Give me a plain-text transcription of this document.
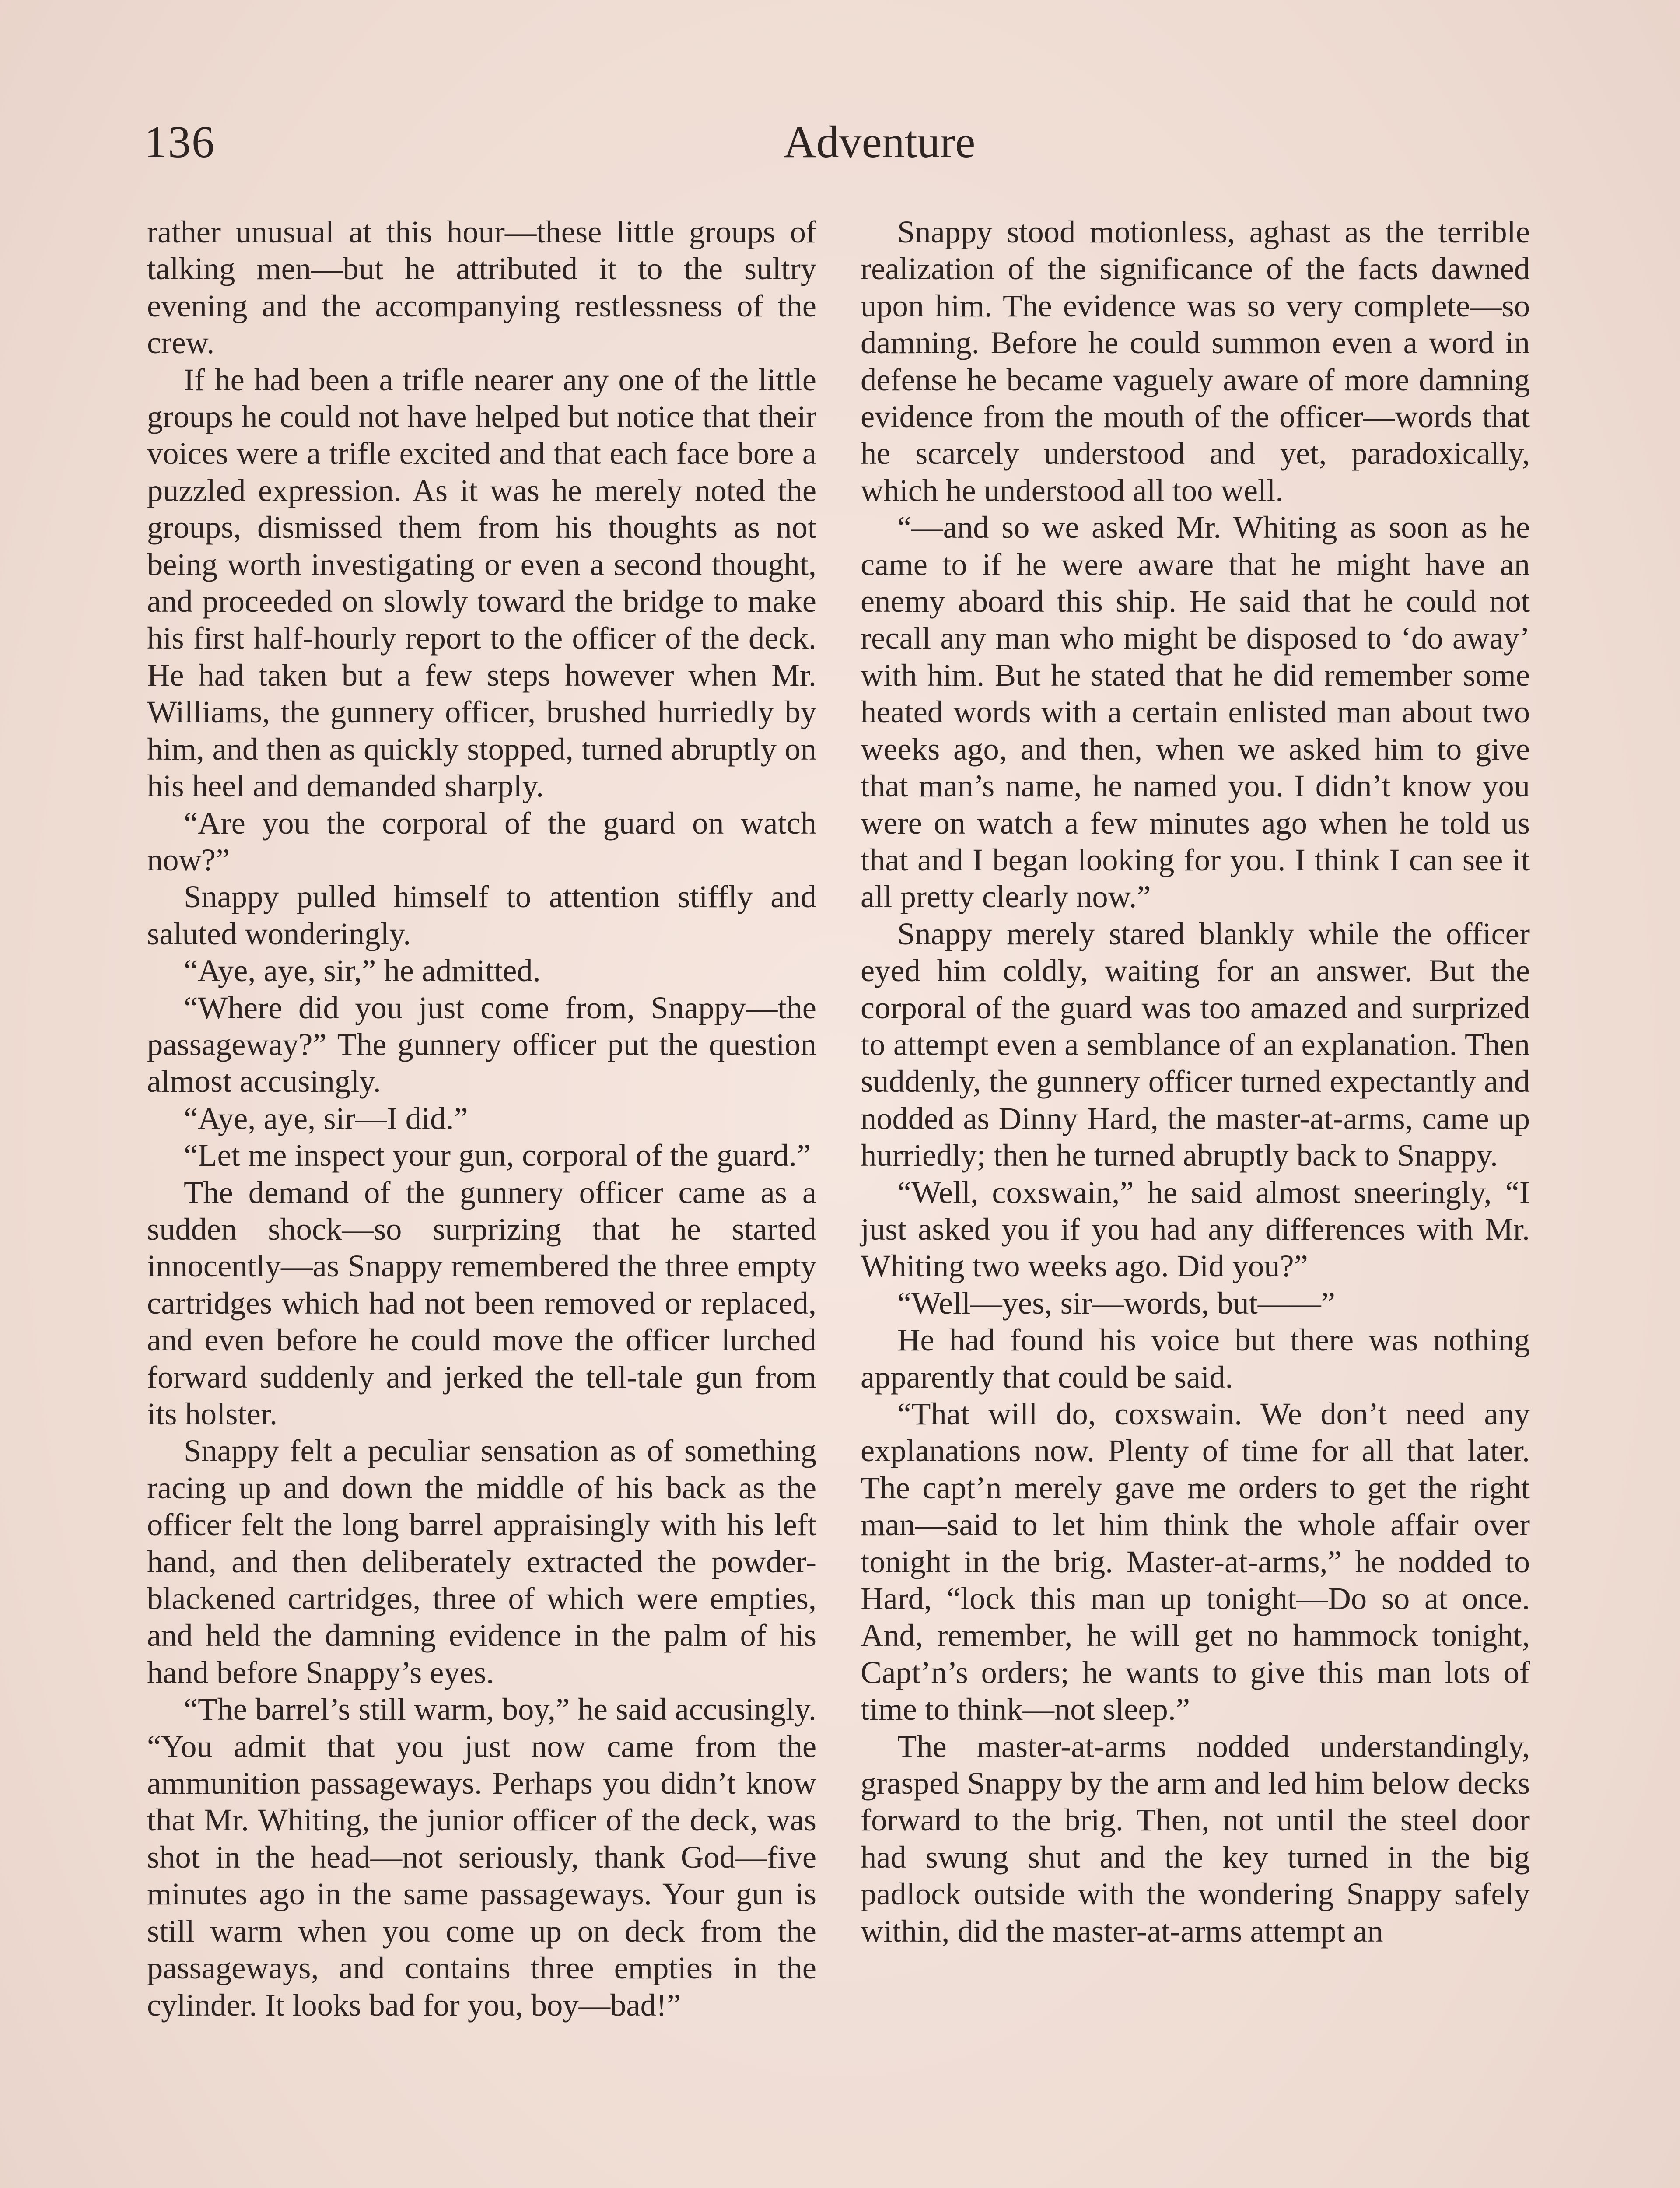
136	Adventure

rather unusual at this hour—these little groups of talking men—but he attributed it to the sultry evening and the accompanying restlessness of the crew.

If he had been a trifle nearer any one of the little groups he could not have helped but notice that their voices were a trifle excited and that each face bore a puzzled expression. As it was he merely noted the groups, dismissed them from his thoughts as not being worth investigating or even a second thought, and proceeded on slowly toward the bridge to make his first half-hourly report to the officer of the deck. He had taken but a few steps however when Mr. Williams, the gunnery officer, brushed hurriedly by him, and then as quickly stopped, turned abruptly on his heel and demanded sharply.

“Are you the corporal of the guard on watch now?”

Snappy pulled himself to attention stiffly and saluted wonderingly.

“Aye, aye, sir,” he admitted.

“Where did you just come from, Snappy—the passageway?” The gunnery officer put the question almost accusingly.

“Aye, aye, sir—I did.”

“Let me inspect your gun, corporal of the guard.”

The demand of the gunnery officer came as a sudden shock—so surprizing that he started innocently—as Snappy remembered the three empty cartridges which had not been removed or replaced, and even before he could move the officer lurched forward suddenly and jerked the tell-tale gun from its holster.

Snappy felt a peculiar sensation as of something racing up and down the middle of his back as the officer felt the long barrel appraisingly with his left hand, and then deliberately extracted the powder-blackened cartridges, three of which were empties, and held the damning evidence in the palm of his hand before Snappy’s eyes.

“The barrel’s still warm, boy,” he said accusingly. “You admit that you just now came from the ammunition passageways. Perhaps you didn’t know that Mr. Whiting, the junior officer of the deck, was shot in the head—not seriously, thank God—five minutes ago in the same passageways. Your gun is still warm when you come up on deck from the passageways, and contains three empties in the cylinder. It looks bad for you, boy—bad!”

Snappy stood motionless, aghast as the terrible realization of the significance of the facts dawned upon him. The evidence was so very complete—so damning. Before he could summon even a word in defense he became vaguely aware of more damning evidence from the mouth of the officer—words that he scarcely understood and yet, paradoxically, which he understood all too well.

“—and so we asked Mr. Whiting as soon as he came to if he were aware that he might have an enemy aboard this ship. He said that he could not recall any man who might be disposed to ‘do away’ with him. But he stated that he did remember some heated words with a certain enlisted man about two weeks ago, and then, when we asked him to give that man’s name, he named you. I didn’t know you were on watch a few minutes ago when he told us that and I began looking for you. I think I can see it all pretty clearly now.”

Snappy merely stared blankly while the officer eyed him coldly, waiting for an answer. But the corporal of the guard was too amazed and surprized to attempt even a semblance of an explanation. Then suddenly, the gunnery officer turned expectantly and nodded as Dinny Hard, the master-at-arms, came up hurriedly; then he turned abruptly back to Snappy.

“Well, coxswain,” he said almost sneeringly, “I just asked you if you had any differences with Mr. Whiting two weeks ago. Did you?”

“Well—yes, sir—words, but——”

He had found his voice but there was nothing apparently that could be said.

“That will do, coxswain. We don’t need any explanations now. Plenty of time for all that later. The capt’n merely gave me orders to get the right man—said to let him think the whole affair over tonight in the brig. Master-at-arms,” he nodded to Hard, “lock this man up tonight—Do so at once. And, remember, he will get no hammock tonight, Capt’n’s orders; he wants to give this man lots of time to think—not sleep.”

The master-at-arms nodded understandingly, grasped Snappy by the arm and led him below decks forward to the brig. Then, not until the steel door had swung shut and the key turned in the big padlock outside with the wondering Snappy safely within, did the master-at-arms attempt an
